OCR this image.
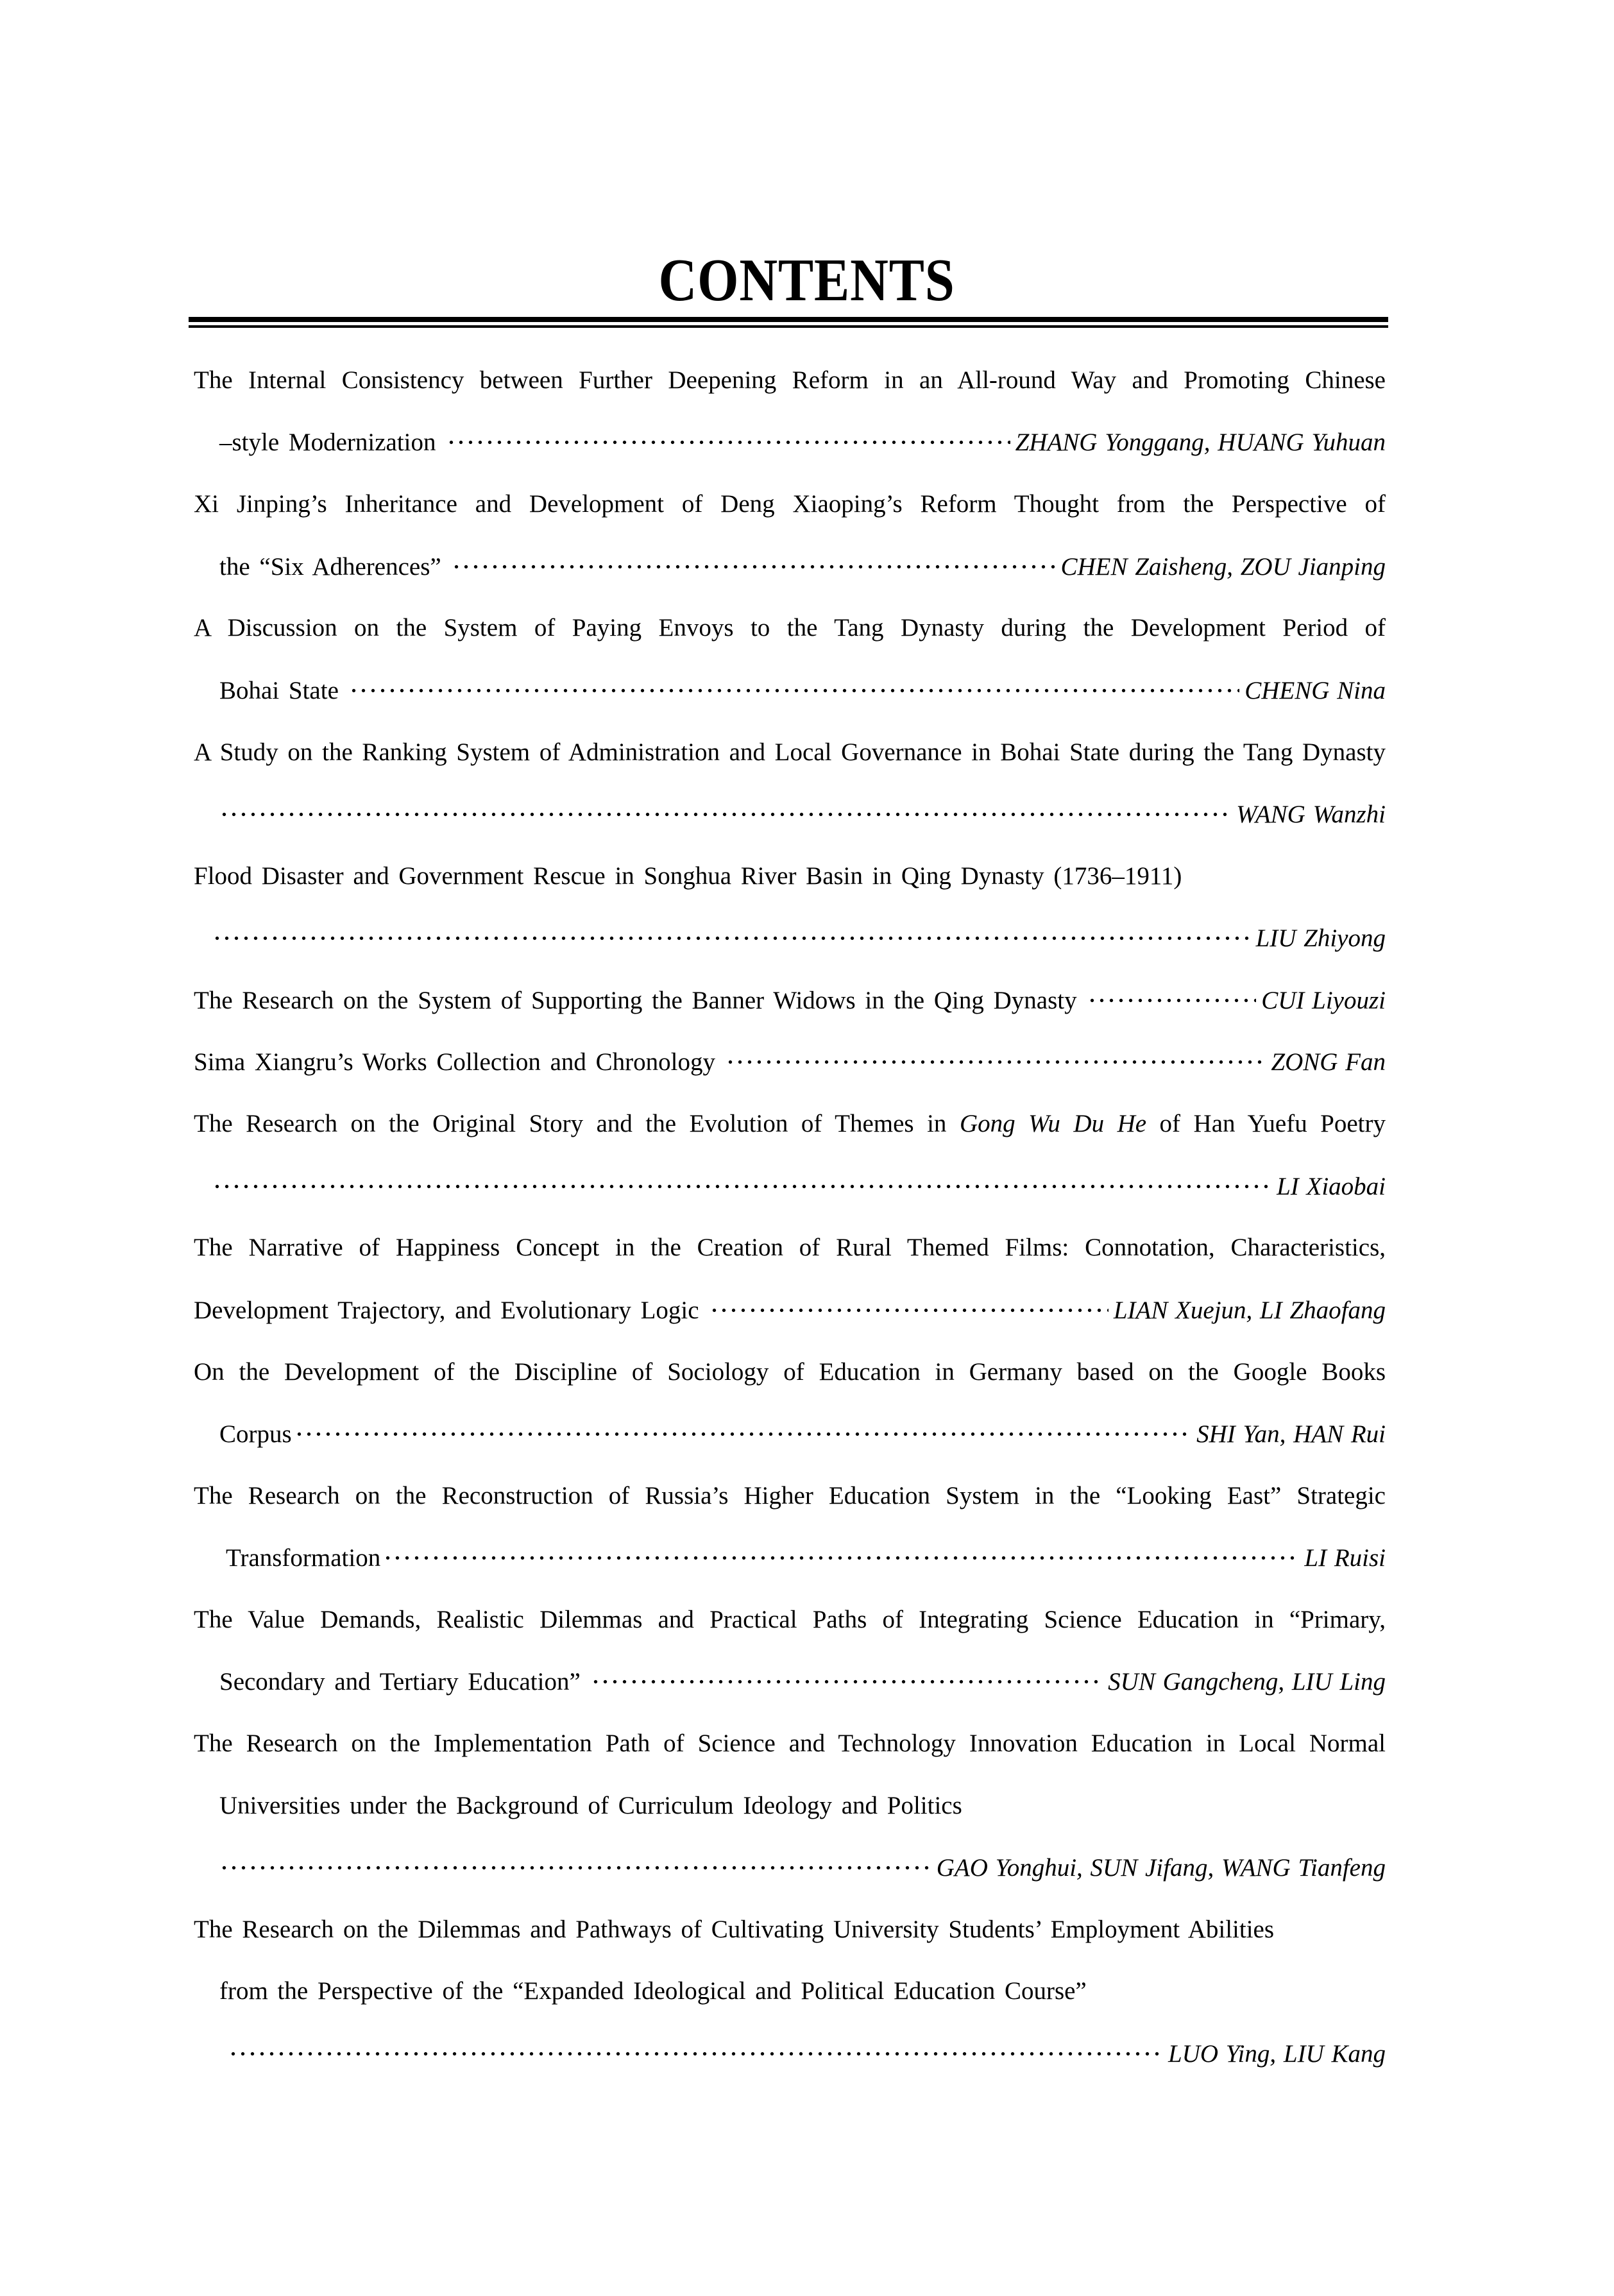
CONTENTS
The Internal Consistency between Further Deepening Reform in an All-round Way and Promoting Chinese
–style Modernization	ZHANG Yonggang, HUANG Yuhuan
Xi Jinping’s Inheritance and Development of Deng Xiaoping’s Reform Thought from the Perspective of
the “Six Adherences”	CHEN Zaisheng, ZOU Jianping
A Discussion on the System of Paying Envoys to the Tang Dynasty during the Development Period of
Bohai State	CHENG Nina
A Study on the Ranking System of Administration and Local Governance in Bohai State during the Tang Dynasty
WANG Wanzhi
Flood Disaster and Government Rescue in Songhua River Basin in Qing Dynasty (1736–1911)
LIU Zhiyong
The Research on the System of Supporting the Banner Widows in the Qing Dynasty	CUI Liyouzi
Sima Xiangru’s Works Collection and Chronology	ZONG Fan
The Research on the Original Story and the Evolution of Themes in Gong Wu Du He of Han Yuefu Poetry
LI Xiaobai
The Narrative of Happiness Concept in the Creation of Rural Themed Films: Connotation, Characteristics,
Development Trajectory, and Evolutionary Logic	LIAN Xuejun, LI Zhaofang
On the Development of the Discipline of Sociology of Education in Germany based on the Google Books
Corpus	SHI Yan, HAN Rui
The Research on the Reconstruction of Russia’s Higher Education System in the “Looking East” Strategic
Transformation	LI Ruisi
The Value Demands, Realistic Dilemmas and Practical Paths of Integrating Science Education in “Primary,
Secondary and Tertiary Education”	SUN Gangcheng, LIU Ling
The Research on the Implementation Path of Science and Technology Innovation Education in Local Normal
Universities under the Background of Curriculum Ideology and Politics
GAO Yonghui, SUN Jifang, WANG Tianfeng
The Research on the Dilemmas and Pathways of Cultivating University Students’ Employment Abilities
from the Perspective of the “Expanded Ideological and Political Education Course”
LUO Ying, LIU Kang
